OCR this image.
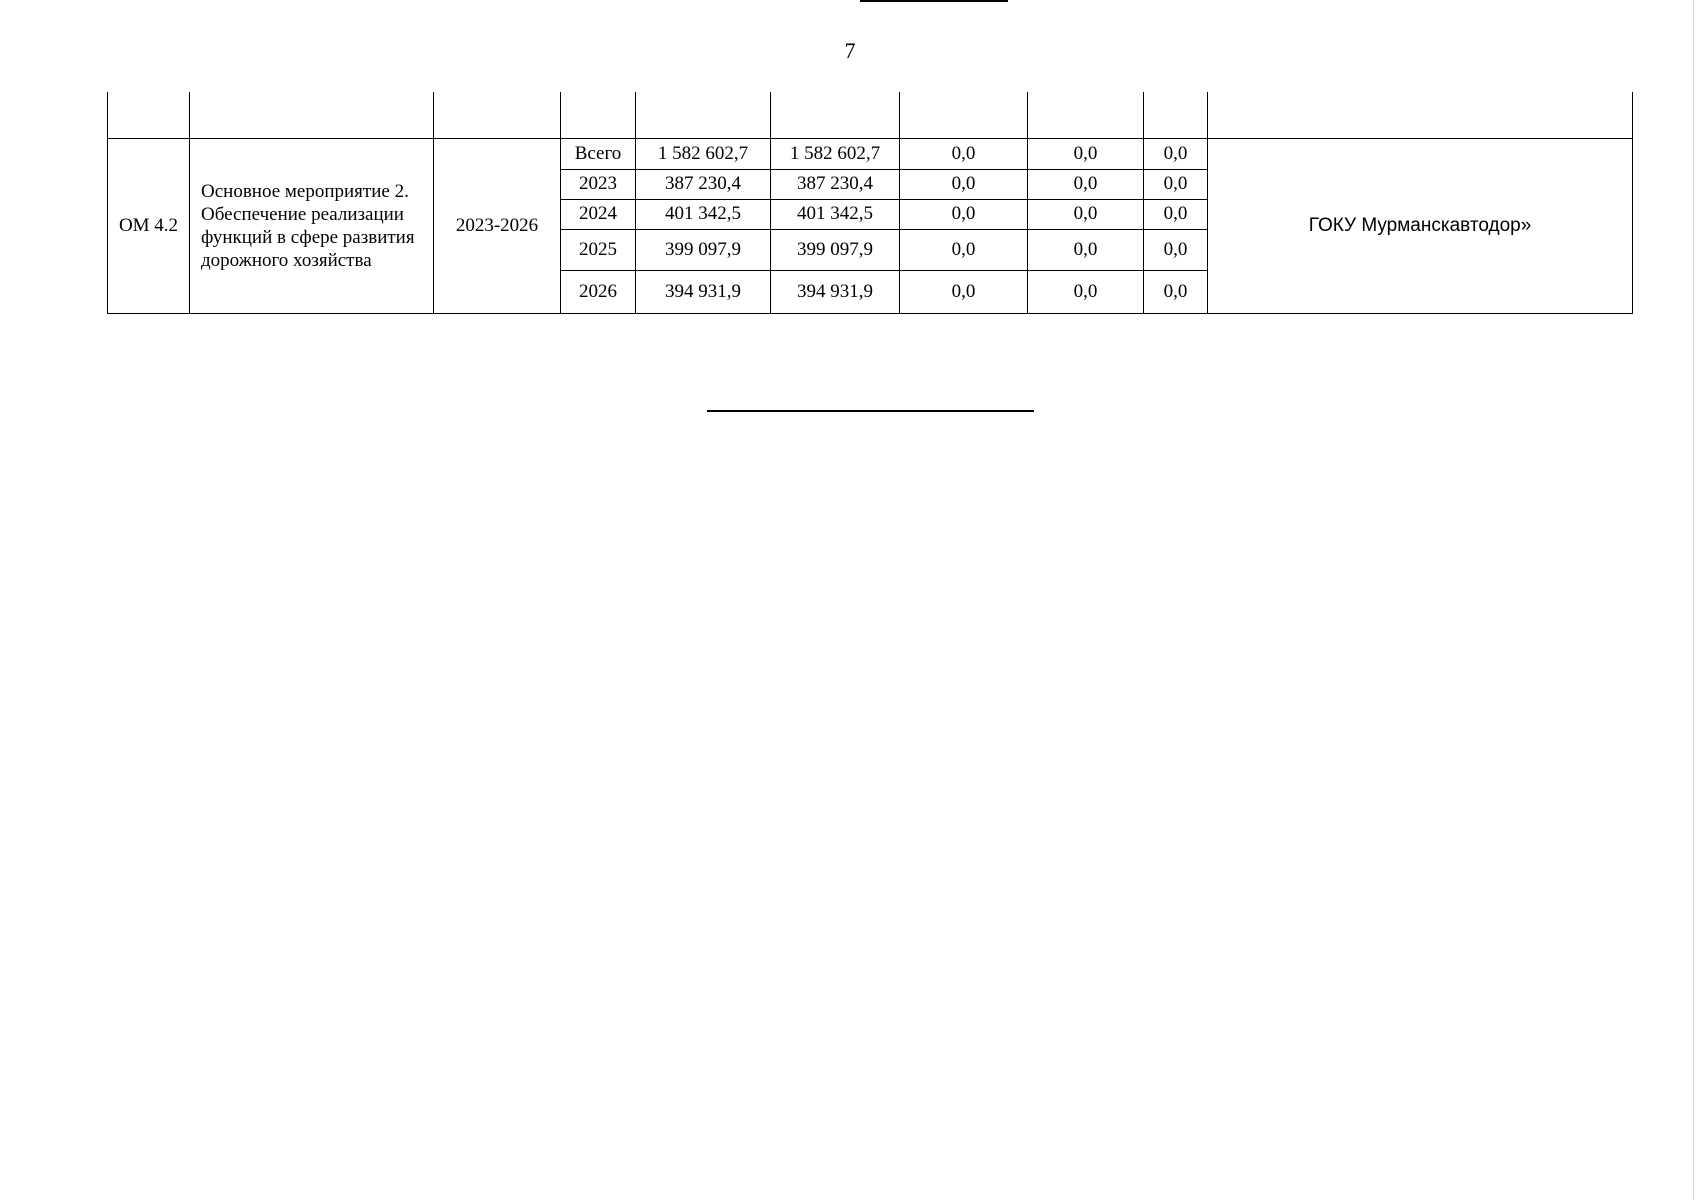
7

ОМ 4.2	Основное мероприятие 2. Обеспечение реализации функций в сфере развития дорожного хозяйства	2023-2026	Всего	1 582 602,7	1 582 602,7	0,0	0,0	0,0	ГОКУ Мурманскавтодор»
			2023	387 230,4	387 230,4	0,0	0,0	0,0	
			2024	401 342,5	401 342,5	0,0	0,0	0,0	
			2025	399 097,9	399 097,9	0,0	0,0	0,0	
			2026	394 931,9	394 931,9	0,0	0,0	0,0	
